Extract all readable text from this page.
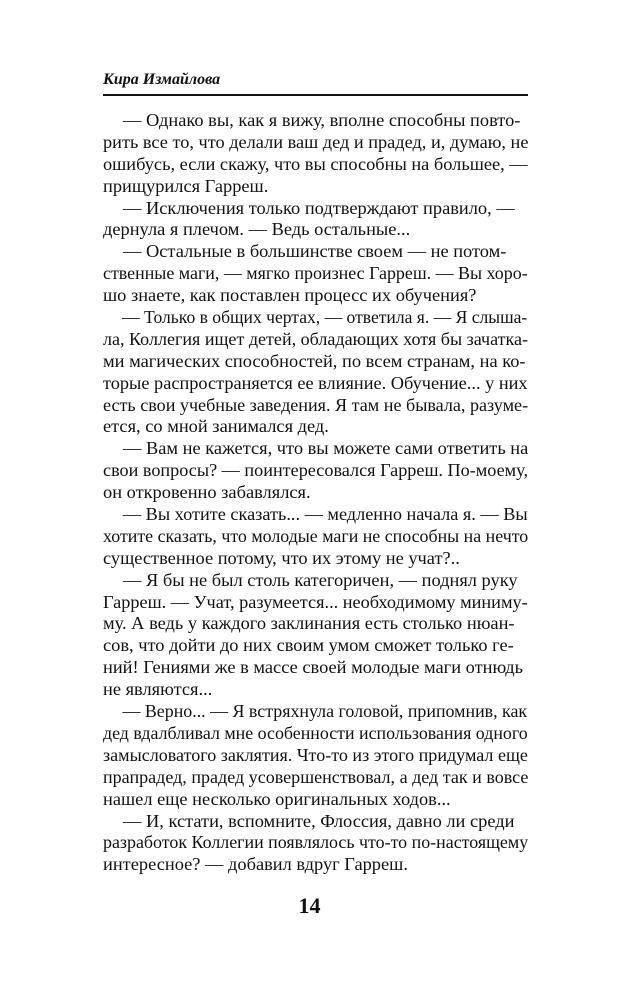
Кира Измайлова
— Однако вы, как я вижу, вполне способны повто-
рить все то, что делали ваш дед и прадед, и, думаю, не
ошибусь, если скажу, что вы способны на большее, —
прищурился Гарреш.
— Исключения только подтверждают правило, —
дернула я плечом. — Ведь остальные...
— Остальные в большинстве своем — не потом-
ственные маги, — мягко произнес Гарреш. — Вы хоро-
шо знаете, как поставлен процесс их обучения?
— Только в общих чертах, — ответила я. — Я слыша-
ла, Коллегия ищет детей, обладающих хотя бы зачатка-
ми магических способностей, по всем странам, на ко-
торые распространяется ее влияние. Обучение... у них
есть свои учебные заведения. Я там не бывала, разуме-
ется, со мной занимался дед.
— Вам не кажется, что вы можете сами ответить на
свои вопросы? — поинтересовался Гарреш. По-моему,
он откровенно забавлялся.
— Вы хотите сказать... — медленно начала я. — Вы
хотите сказать, что молодые маги не способны на нечто
существенное потому, что их этому не учат?..
— Я бы не был столь категоричен, — поднял руку
Гарреш. — Учат, разумеется... необходимому миниму-
му. А ведь у каждого заклинания есть столько нюан-
сов, что дойти до них своим умом сможет только ге-
ний! Гениями же в массе своей молодые маги отнюдь
не являются...
— Верно... — Я встряхнула головой, припомнив, как
дед вдалбливал мне особенности использования одного
замысловатого заклятия. Что-то из этого придумал еще
прапрадед, прадед усовершенствовал, а дед так и вовсе
нашел еще несколько оригинальных ходов...
— И, кстати, вспомните, Флоссия, давно ли среди
разработок Коллегии появлялось что-то по-настоящему
интересное? — добавил вдруг Гарреш.
14
